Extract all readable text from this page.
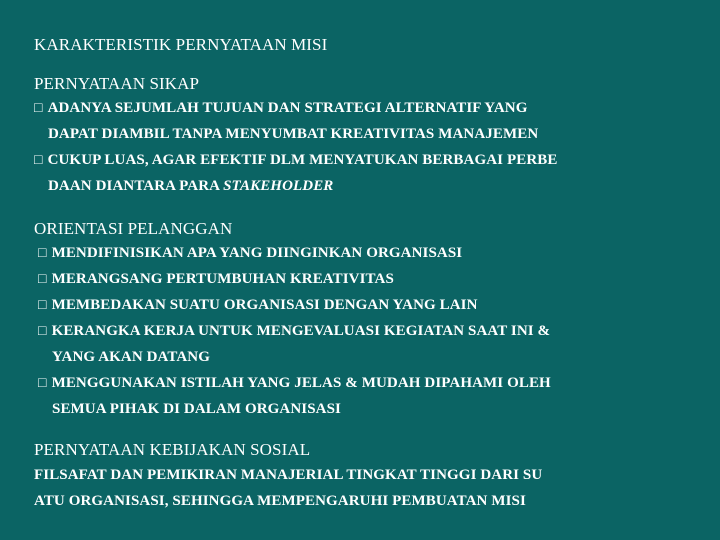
KARAKTERISTIK PERNYATAAN MISI
PERNYATAAN SIKAP
□ ADANYA SEJUMLAH TUJUAN DAN STRATEGI ALTERNATIF YANG
DAPAT DIAMBIL TANPA MENYUMBAT KREATIVITAS MANAJEMEN
□ CUKUP LUAS, AGAR EFEKTIF DLM MENYATUKAN BERBAGAI PERBE
DAAN DIANTARA PARA STAKEHOLDER
ORIENTASI PELANGGAN
□ MENDIFINISIKAN APA YANG DIINGINKAN ORGANISASI
□ MERANGSANG PERTUMBUHAN KREATIVITAS
□ MEMBEDAKAN SUATU ORGANISASI DENGAN YANG LAIN
□ KERANGKA KERJA UNTUK MENGEVALUASI KEGIATAN SAAT INI &
YANG AKAN DATANG
□ MENGGUNAKAN ISTILAH YANG JELAS & MUDAH DIPAHAMI OLEH
SEMUA PIHAK DI DALAM ORGANISASI
PERNYATAAN KEBIJAKAN SOSIAL
FILSAFAT DAN PEMIKIRAN MANAJERIAL TINGKAT TINGGI DARI SU
ATU ORGANISASI, SEHINGGA MEMPENGARUHI PEMBUATAN MISI
